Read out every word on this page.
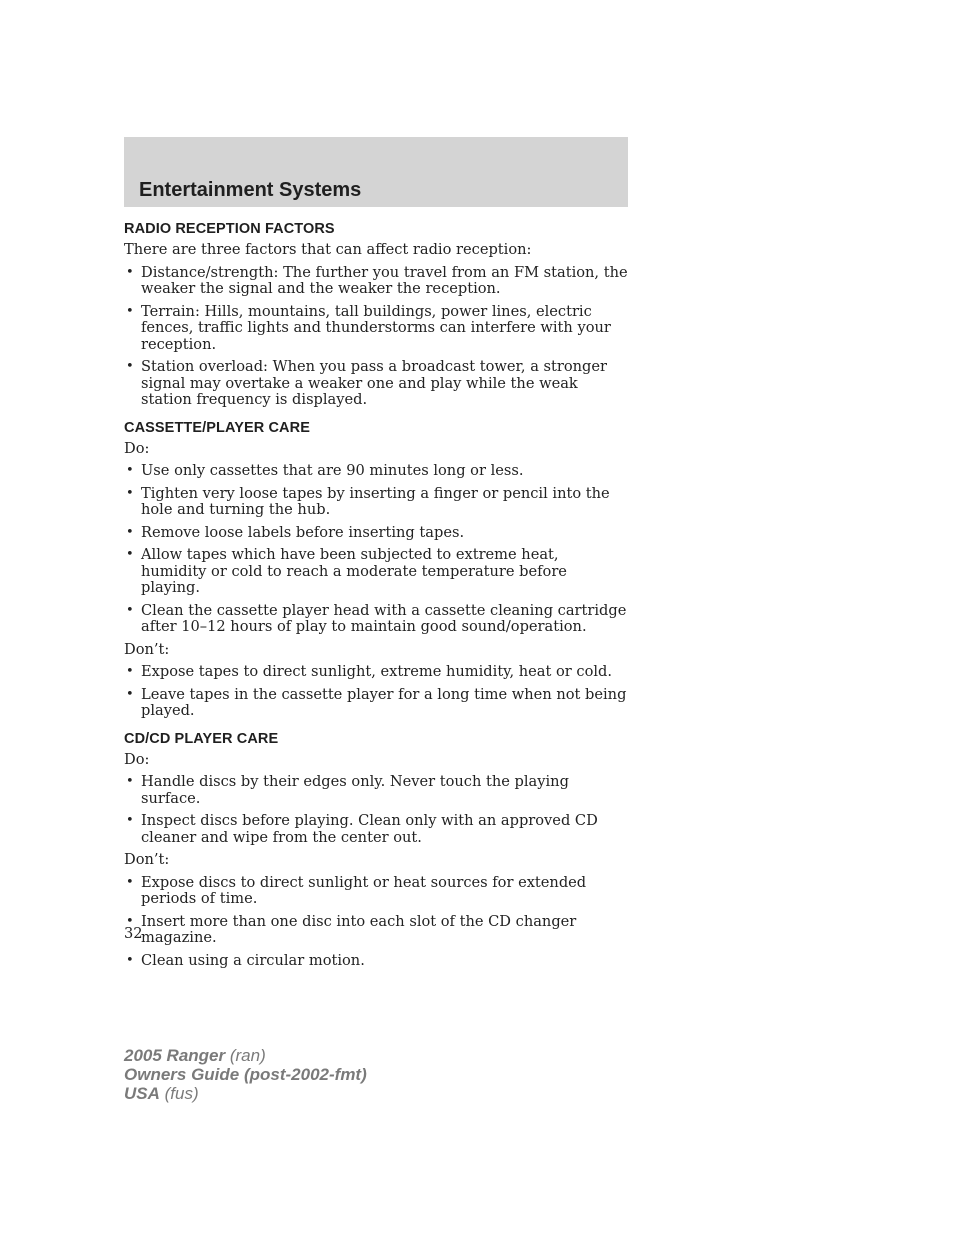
Entertainment Systems
RADIO RECEPTION FACTORS

There are three factors that can affect radio reception:

• Distance/strength: The further you travel from an FM station, the weaker the signal and the weaker the reception.
• Terrain: Hills, mountains, tall buildings, power lines, electric fences, traffic lights and thunderstorms can interfere with your reception.
• Station overload: When you pass a broadcast tower, a stronger signal may overtake a weaker one and play while the weak station frequency is displayed.
CASSETTE/PLAYER CARE

Do:

• Use only cassettes that are 90 minutes long or less.
• Tighten very loose tapes by inserting a finger or pencil into the hole and turning the hub.
• Remove loose labels before inserting tapes.
• Allow tapes which have been subjected to extreme heat, humidity or cold to reach a moderate temperature before playing.
• Clean the cassette player head with a cassette cleaning cartridge after 10–12 hours of play to maintain good sound/operation.

Don’t:

• Expose tapes to direct sunlight, extreme humidity, heat or cold.
• Leave tapes in the cassette player for a long time when not being played.
CD/CD PLAYER CARE

Do:

• Handle discs by their edges only. Never touch the playing surface.
• Inspect discs before playing. Clean only with an approved CD cleaner and wipe from the center out.

Don’t:

• Expose discs to direct sunlight or heat sources for extended periods of time.
• Insert more than one disc into each slot of the CD changer magazine.
• Clean using a circular motion.
32
2005 Ranger (ran)
Owners Guide (post-2002-fmt)
USA (fus)
